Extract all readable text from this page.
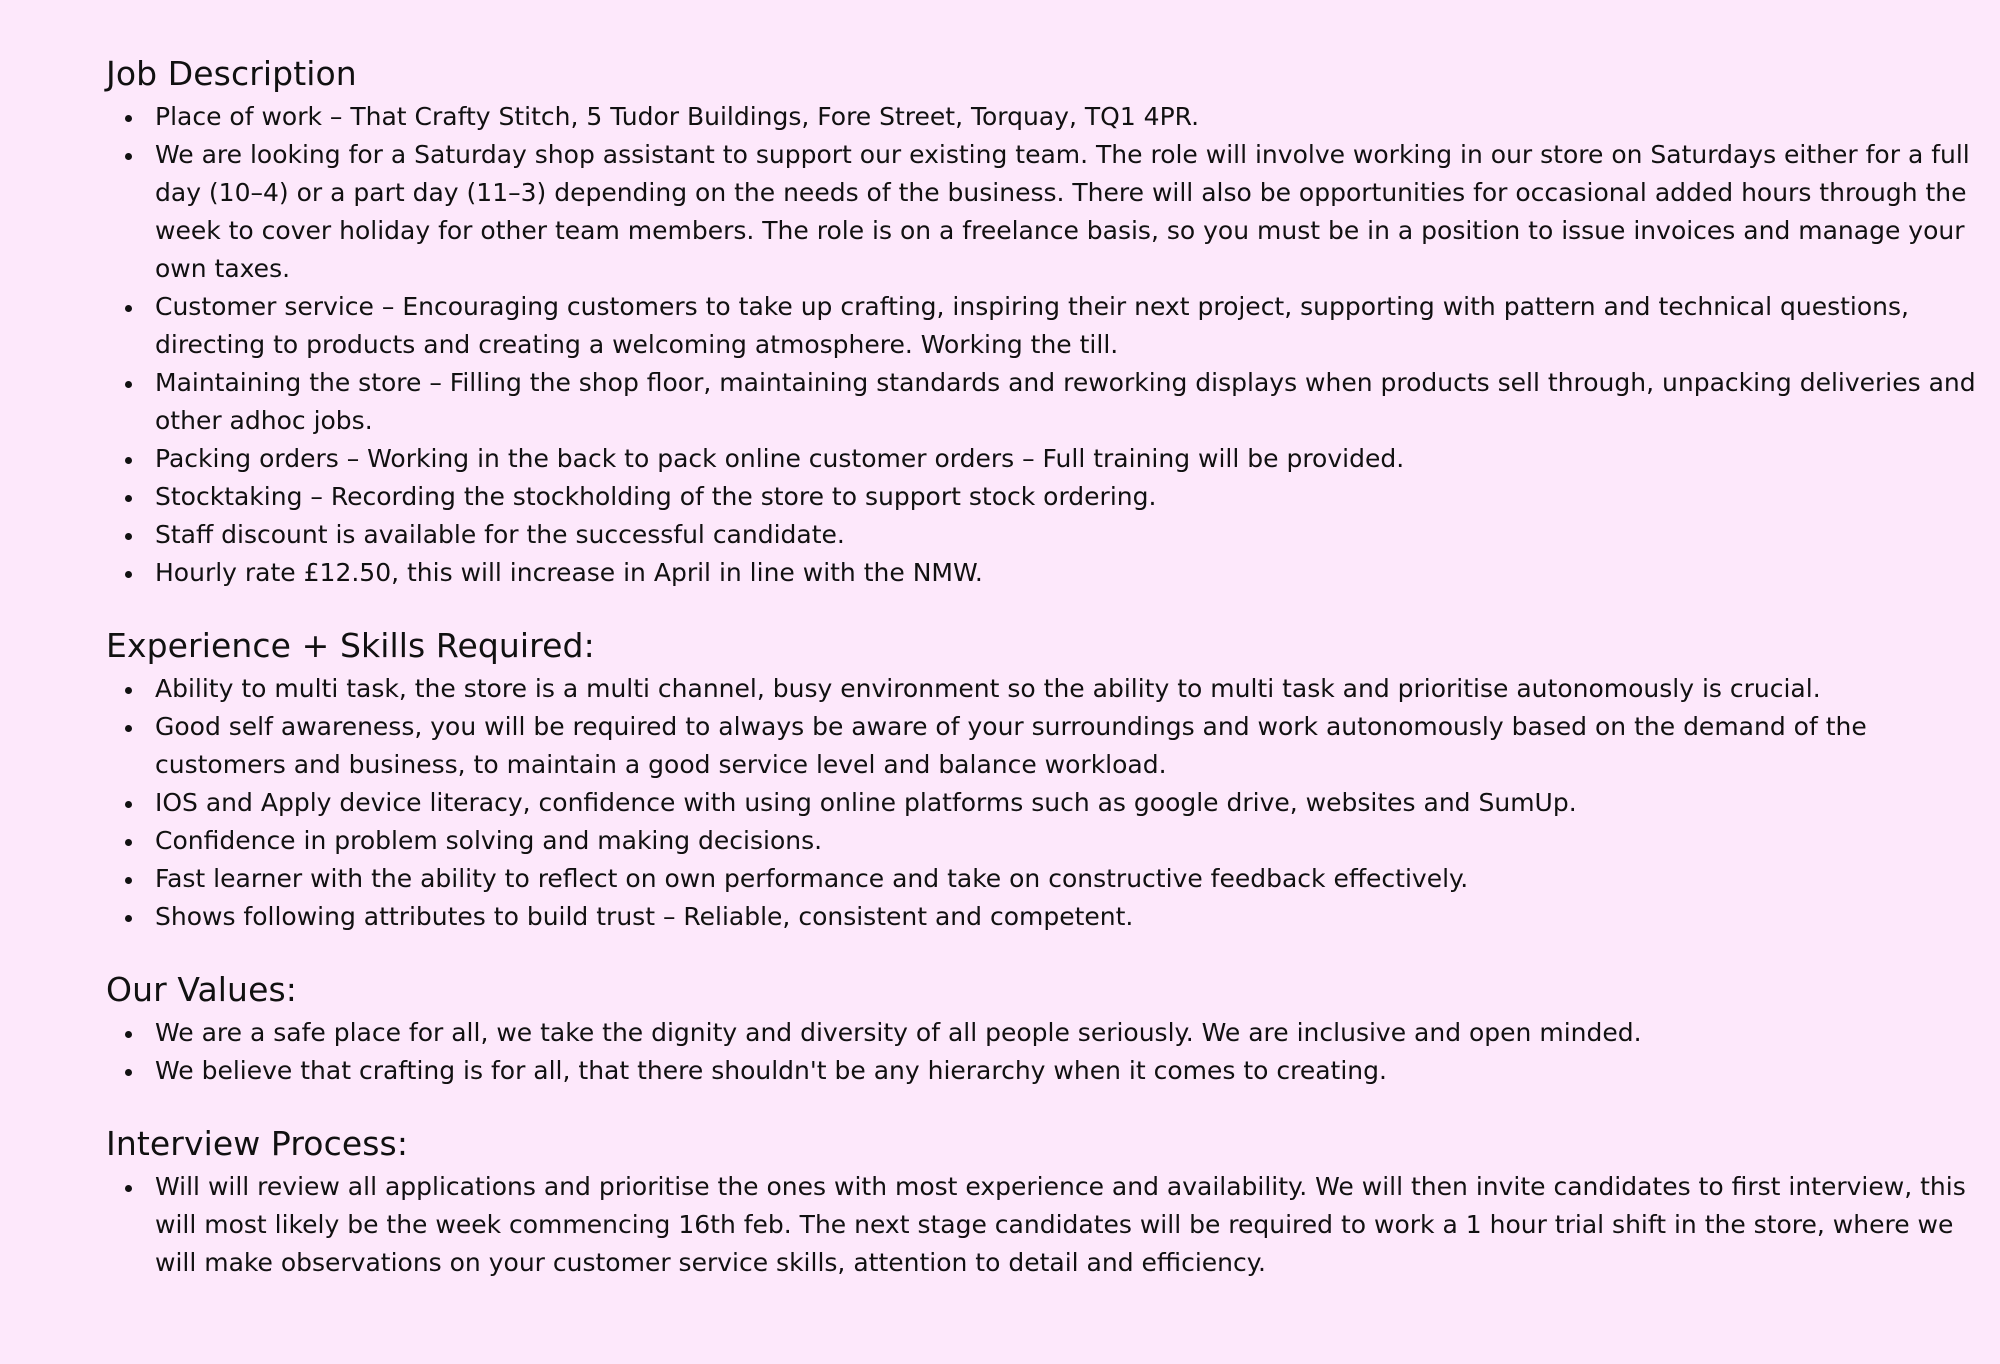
Job Description
Place of work – That Crafty Stitch, 5 Tudor Buildings, Fore Street, Torquay, TQ1 4PR.
We are looking for a Saturday shop assistant to support our existing team. The role will involve working in our store on Saturdays either for a full day (10–4) or a part day (11–3) depending on the needs of the business. There will also be opportunities for occasional added hours through the week to cover holiday for other team members. The role is on a freelance basis, so you must be in a position to issue invoices and manage your own taxes.
Customer service – Encouraging customers to take up crafting, inspiring their next project, supporting with pattern and technical questions, directing to products and creating a welcoming atmosphere. Working the till.
Maintaining the store – Filling the shop floor, maintaining standards and reworking displays when products sell through, unpacking deliveries and other adhoc jobs.
Packing orders – Working in the back to pack online customer orders – Full training will be provided.
Stocktaking – Recording the stockholding of the store to support stock ordering.
Staff discount is available for the successful candidate.
Hourly rate £12.50, this will increase in April in line with the NMW.
Experience + Skills Required:
Ability to multi task, the store is a multi channel, busy environment so the ability to multi task and prioritise autonomously is crucial.
Good self awareness, you will be required to always be aware of your surroundings and work autonomously based on the demand of the customers and business, to maintain a good service level and balance workload.
IOS and Apply device literacy, confidence with using online platforms such as google drive, websites and SumUp.
Confidence in problem solving and making decisions.
Fast learner with the ability to reflect on own performance and take on constructive feedback effectively.
Shows following attributes to build trust – Reliable, consistent and competent.
Our Values:
We are a safe place for all, we take the dignity and diversity of all people seriously. We are inclusive and open minded.
We believe that crafting is for all, that there shouldn't be any hierarchy when it comes to creating.
Interview Process:
Will will review all applications and prioritise the ones with most experience and availability. We will then invite candidates to first interview, this will most likely be the week commencing 16th feb. The next stage candidates will be required to work a 1 hour trial shift in the store, where we will make observations on your customer service skills, attention to detail and efficiency.
